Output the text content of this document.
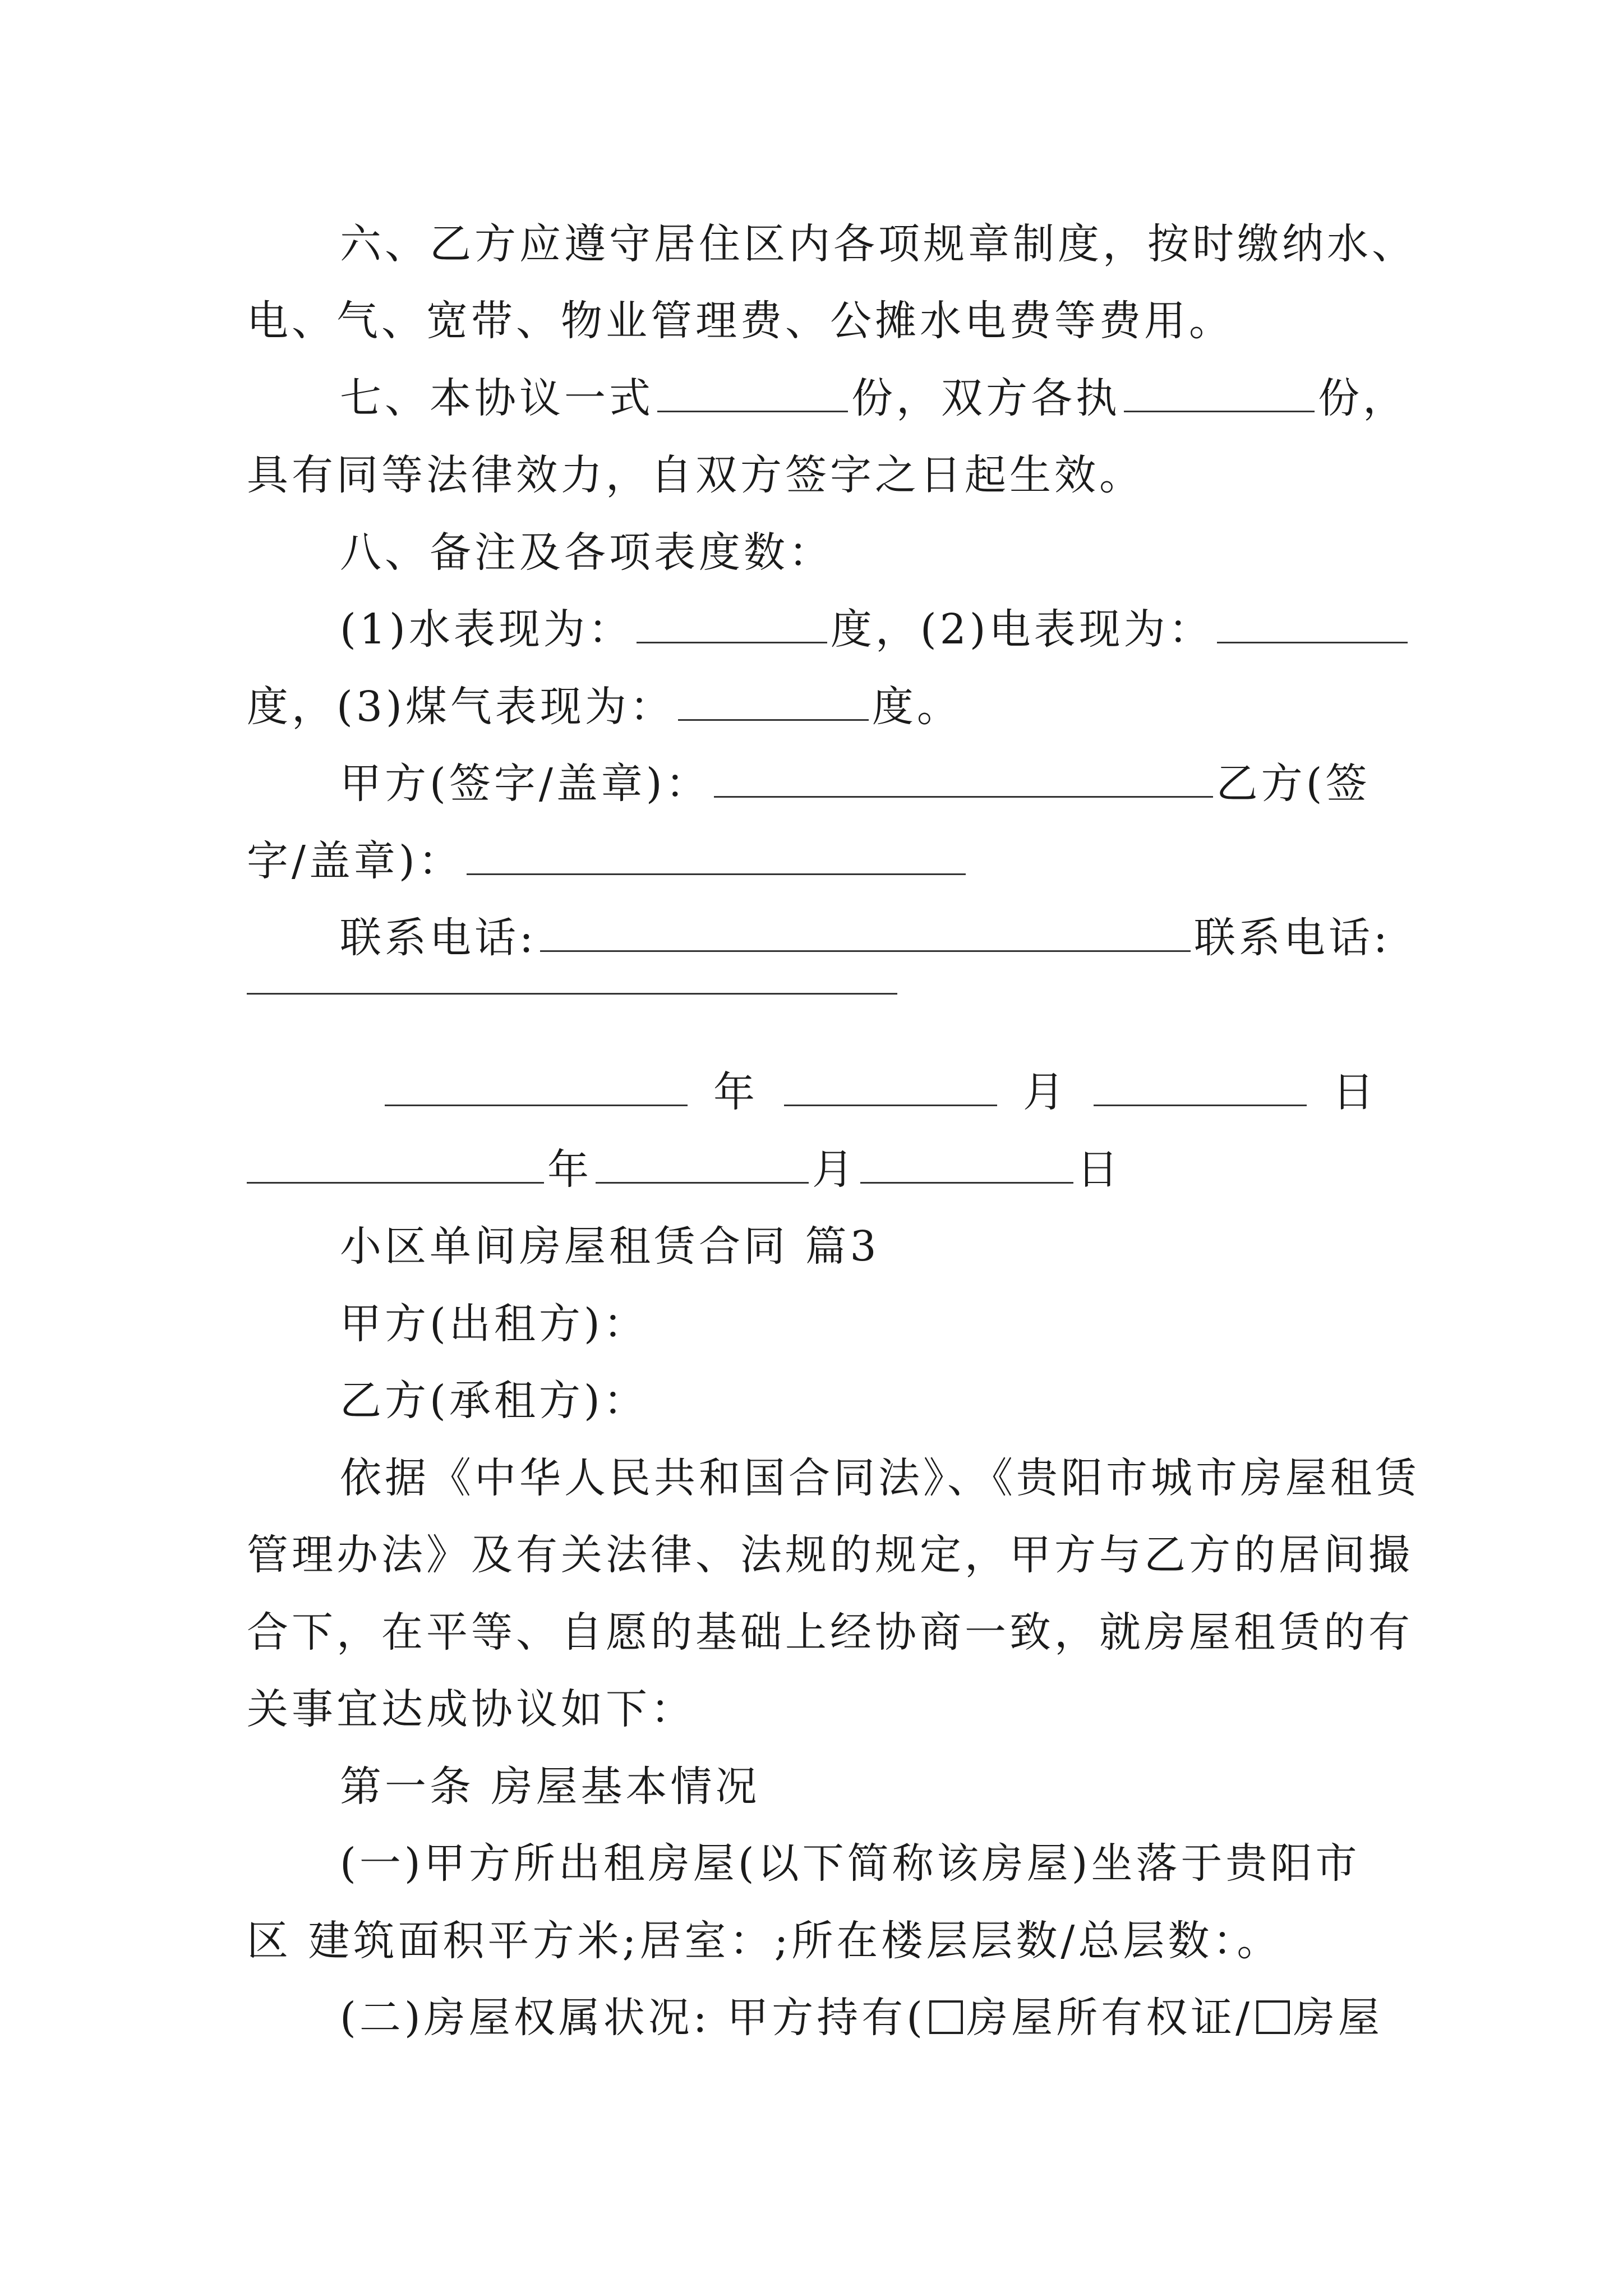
六、乙方应遵守居住区内各项规章制度，按时缴纳水、
电、气、宽带、物业管理费、公摊水电费等费用。
七、本协议一式	份，双方各执	份，
具有同等法律效力，自双方签字之日起生效。
八、备注及各项表度数：
(1)水表现为：	度，(2)电表现为：
度，(3)煤气表现为：	度。
甲方(签字/盖章)：	乙方(签
字/盖章)：
联系电话:	联系电话:
年	月	日
年	月	日
小区单间房屋租赁合同 篇3
甲方(出租方)：
乙方(承租方)：
依据《中华人民共和国合同法》、《贵阳市城市房屋租赁
管理办法》及有关法律、法规的规定，甲方与乙方的居间撮
合下，在平等、自愿的基础上经协商一致，就房屋租赁的有
关事宜达成协议如下：
第一条 房屋基本情况
(一)甲方所出租房屋(以下简称该房屋)坐落于贵阳市
区 建筑面积平方米;居室：;所在楼层层数/总层数：。
(二)房屋权属状况: 甲方持有( 房屋所有权证/ 房屋
